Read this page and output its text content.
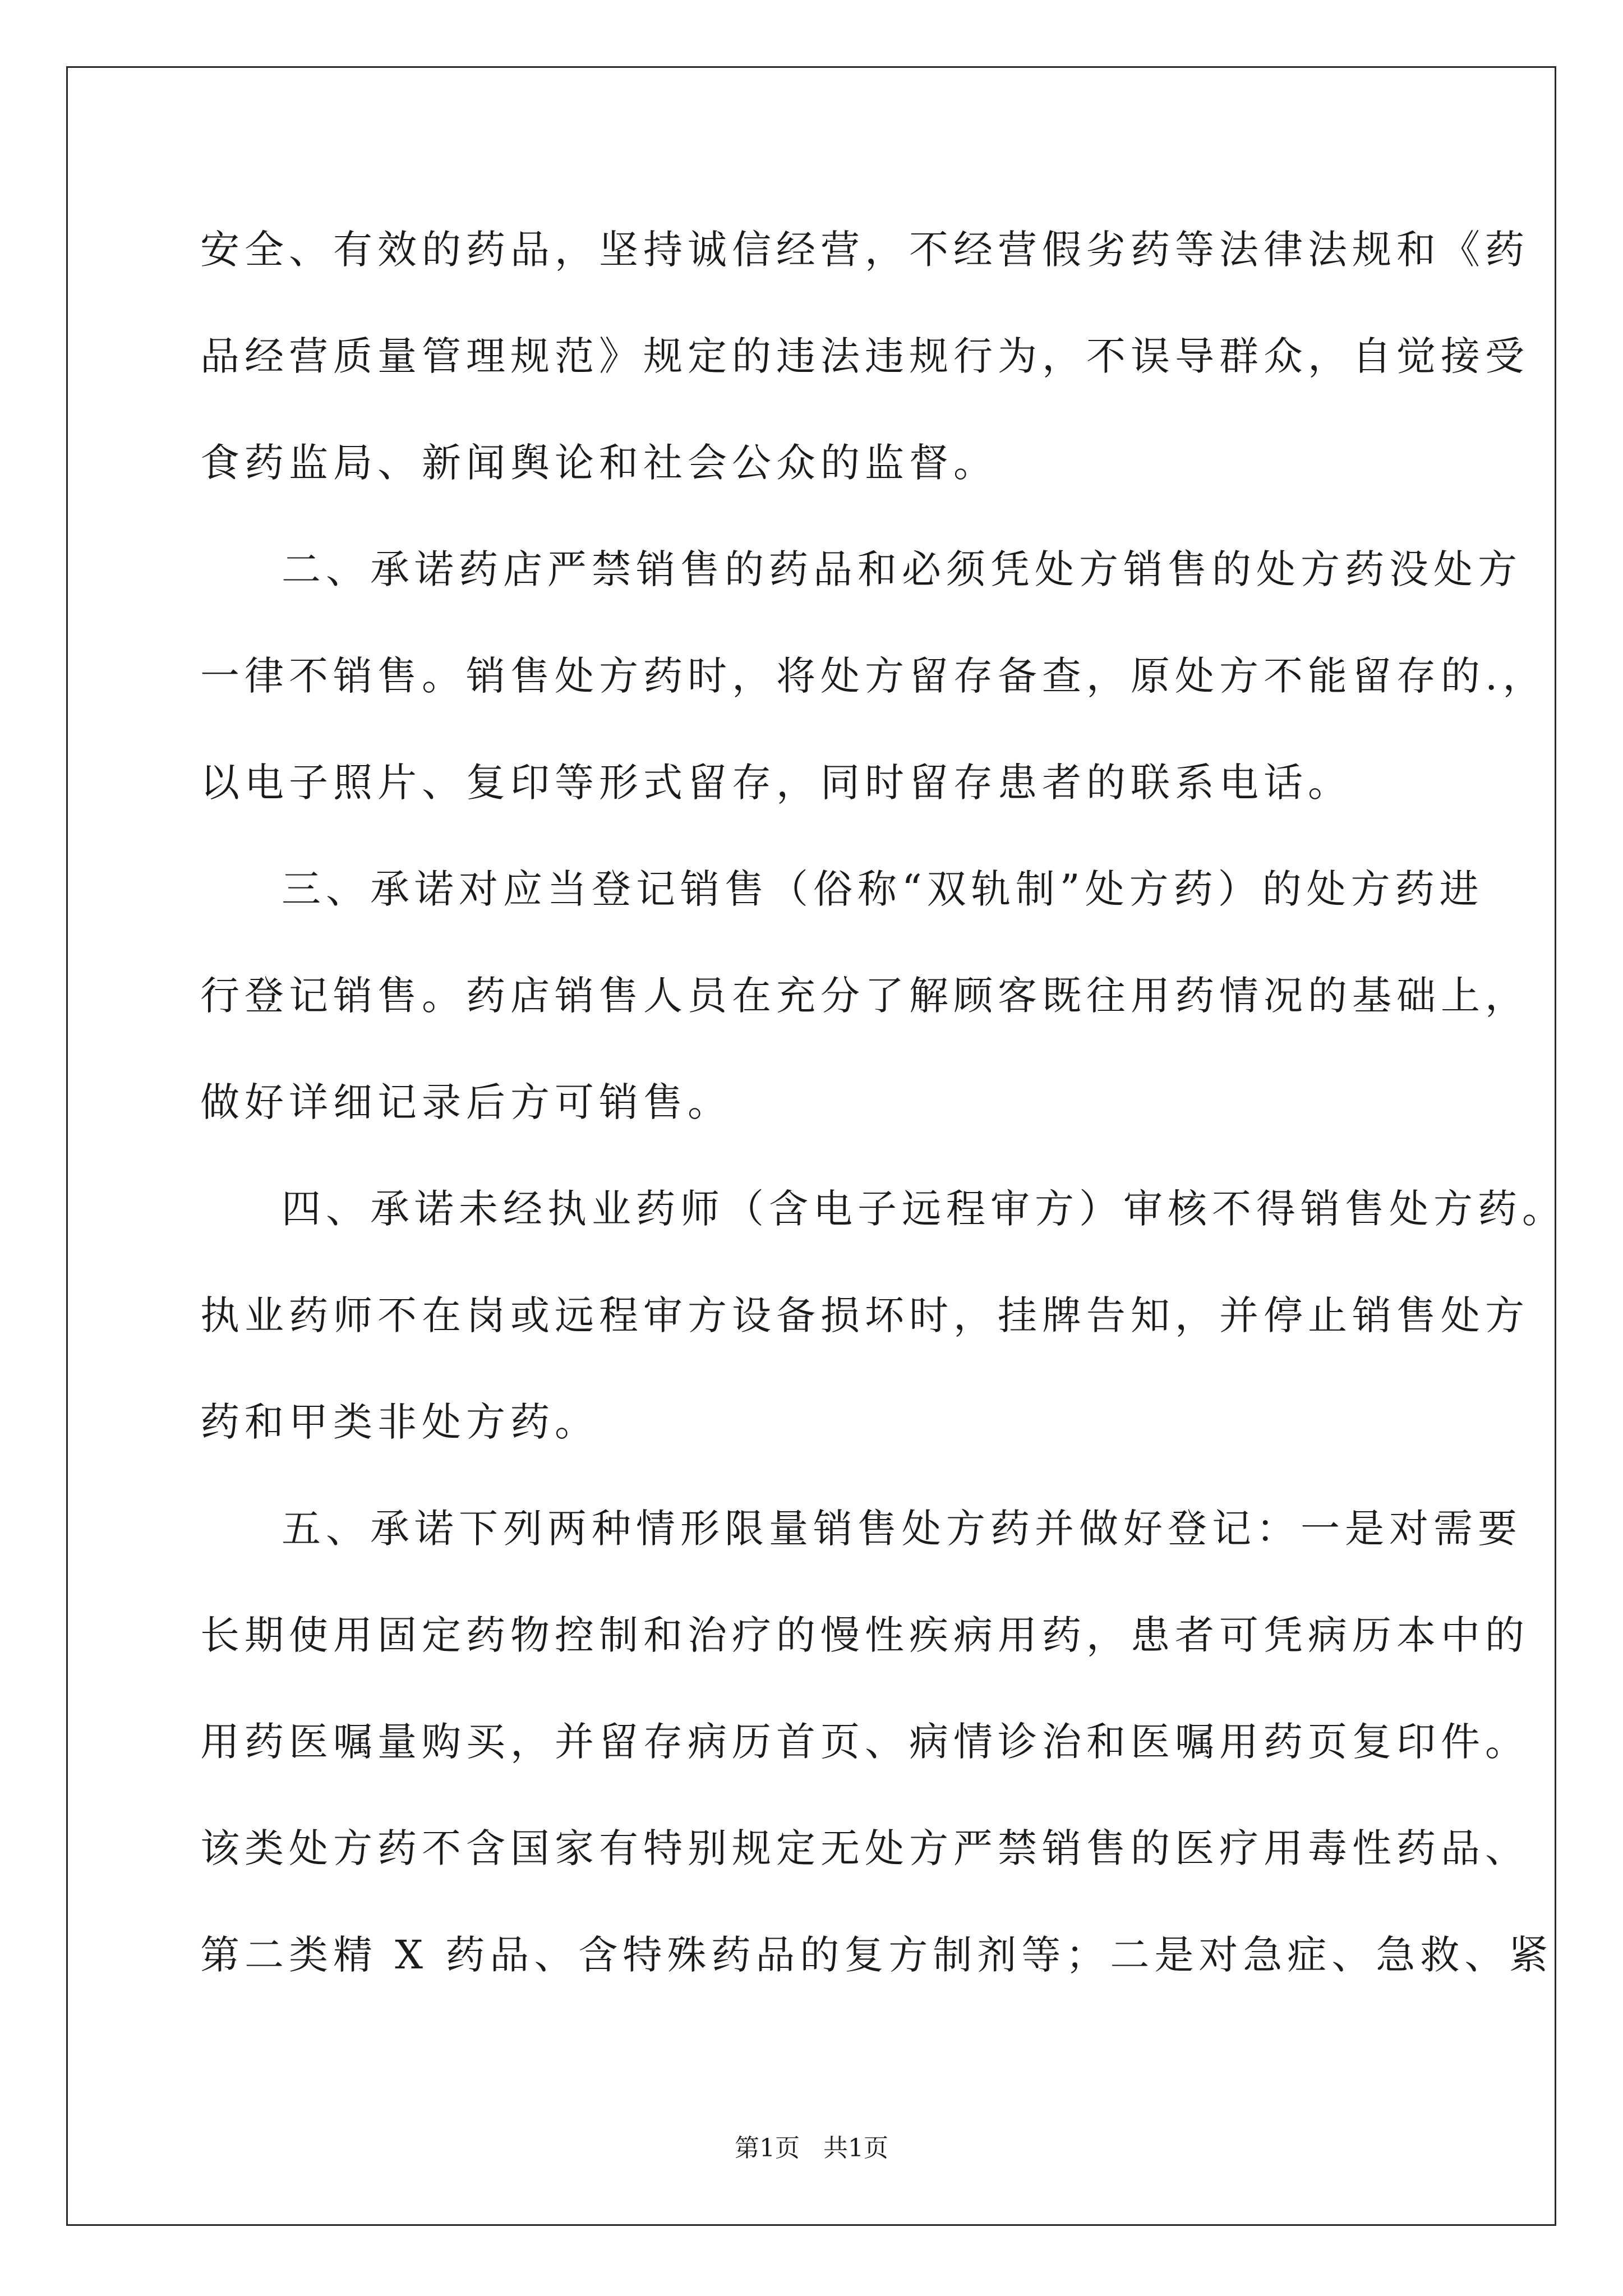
安全、有效的药品，坚持诚信经营，不经营假劣药等法律法规和《药
品经营质量管理规范》规定的违法违规行为，不误导群众，自觉接受
食药监局、新闻舆论和社会公众的监督。
二、承诺药店严禁销售的药品和必须凭处方销售的处方药没处方
一律不销售。销售处方药时，将处方留存备查，原处方不能留存的.，
以电子照片、复印等形式留存，同时留存患者的联系电话。
三、承诺对应当登记销售（俗称“双轨制”处方药）的处方药进
行登记销售。药店销售人员在充分了解顾客既往用药情况的基础上，
做好详细记录后方可销售。
四、承诺未经执业药师（含电子远程审方）审核不得销售处方药。
执业药师不在岗或远程审方设备损坏时，挂牌告知，并停止销售处方
药和甲类非处方药。
五、承诺下列两种情形限量销售处方药并做好登记：一是对需要
长期使用固定药物控制和治疗的慢性疾病用药，患者可凭病历本中的
用药医嘱量购买，并留存病历首页、病情诊治和医嘱用药页复印件。
该类处方药不含国家有特别规定无处方严禁销售的医疗用毒性药品、
第二类精 X 药品、含特殊药品的复方制剂等；二是对急症、急救、紧
第1页   共1页
